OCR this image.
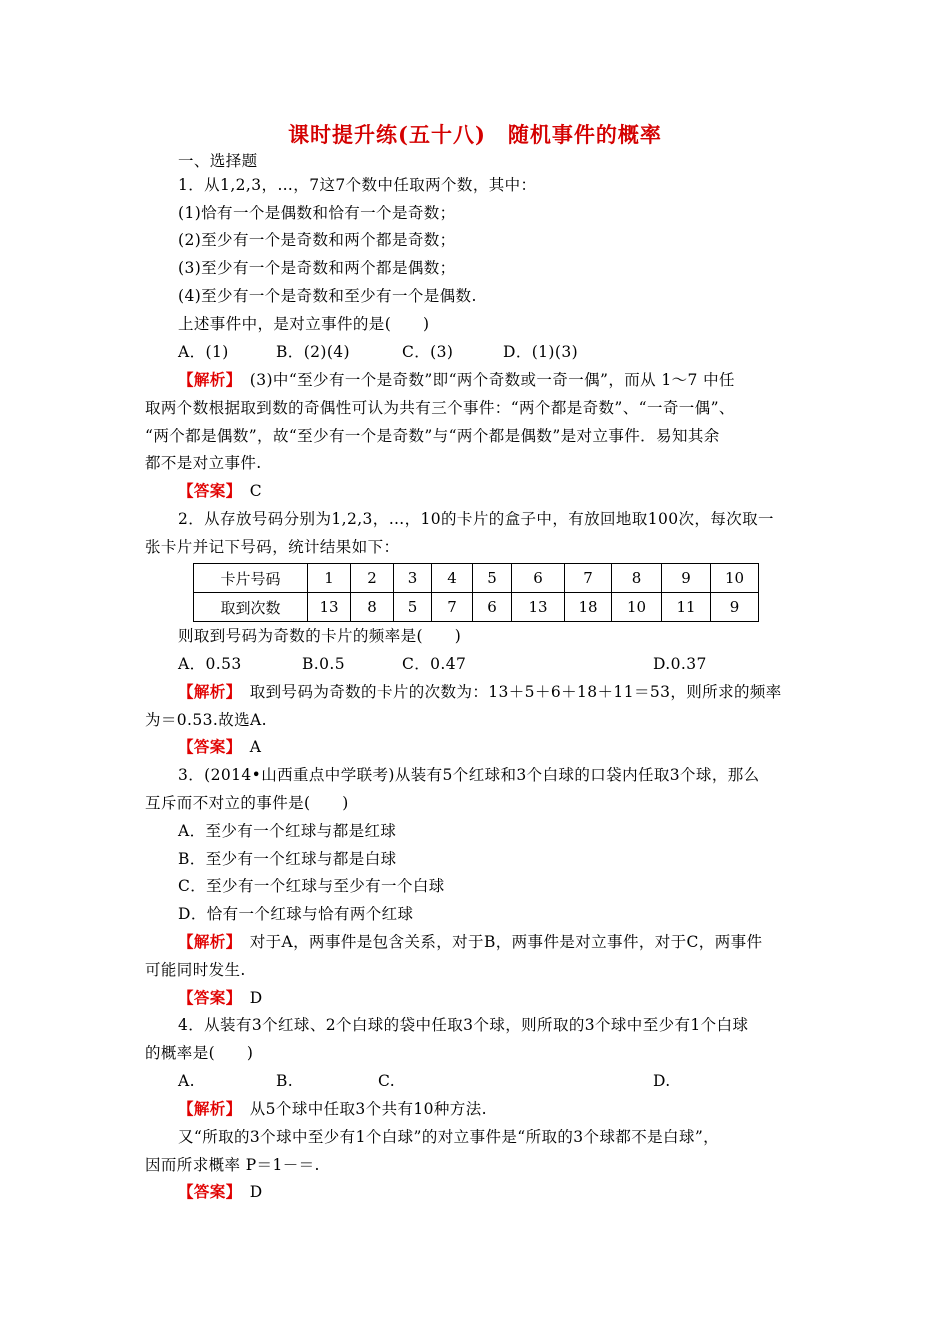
课时提升练(五十八)　随机事件的概率
一、选择题
1．从1,2,3，…，7这7个数中任取两个数，其中：
(1)恰有一个是偶数和恰有一个是奇数；
(2)至少有一个是奇数和两个都是奇数；
(3)至少有一个是奇数和两个都是偶数；
(4)至少有一个是奇数和至少有一个是偶数.
上述事件中，是对立事件的是(　　)
A．(1)	B．(2)(4)	C．(3)	D．(1)(3)
【解析】　(3)中“至少有一个是奇数”即“两个奇数或一奇一偶”，而从 1～7 中任
取两个数根据取到数的奇偶性可认为共有三个事件：“两个都是奇数”、“一奇一偶”、
“两个都是偶数”，故“至少有一个是奇数”与“两个都是偶数”是对立事件．易知其余
都不是对立事件.
【答案】　C
2．从存放号码分别为1,2,3，…，10的卡片的盒子中，有放回地取100次，每次取一
张卡片并记下号码，统计结果如下：
卡片号码	1	2	3	4	5	6	7	8	9	10
取到次数	13	8	5	7	6	13	18	10	11	9
则取到号码为奇数的卡片的频率是(　　)
A．0.53	B.0.5	C．0.47	D.0.37
【解析】　取到号码为奇数的卡片的次数为：13＋5＋6＋18＋11＝53，则所求的频率
为＝0.53.故选A.
【答案】　A
3．(2014•山西重点中学联考)从装有5个红球和3个白球的口袋内任取3个球，那么
互斥而不对立的事件是(　　)
A．至少有一个红球与都是红球
B．至少有一个红球与都是白球
C．至少有一个红球与至少有一个白球
D．恰有一个红球与恰有两个红球
【解析】　对于A，两事件是包含关系，对于B，两事件是对立事件，对于C，两事件
可能同时发生.
【答案】　D
4．从装有3个红球、2个白球的袋中任取3个球，则所取的3个球中至少有1个白球
的概率是(　　)
A.	B.	C.	D.
【解析】　从5个球中任取3个共有10种方法.
又“所取的3个球中至少有1个白球”的对立事件是“所取的3个球都不是白球”，
因而所求概率 P＝1－＝.
【答案】　D
